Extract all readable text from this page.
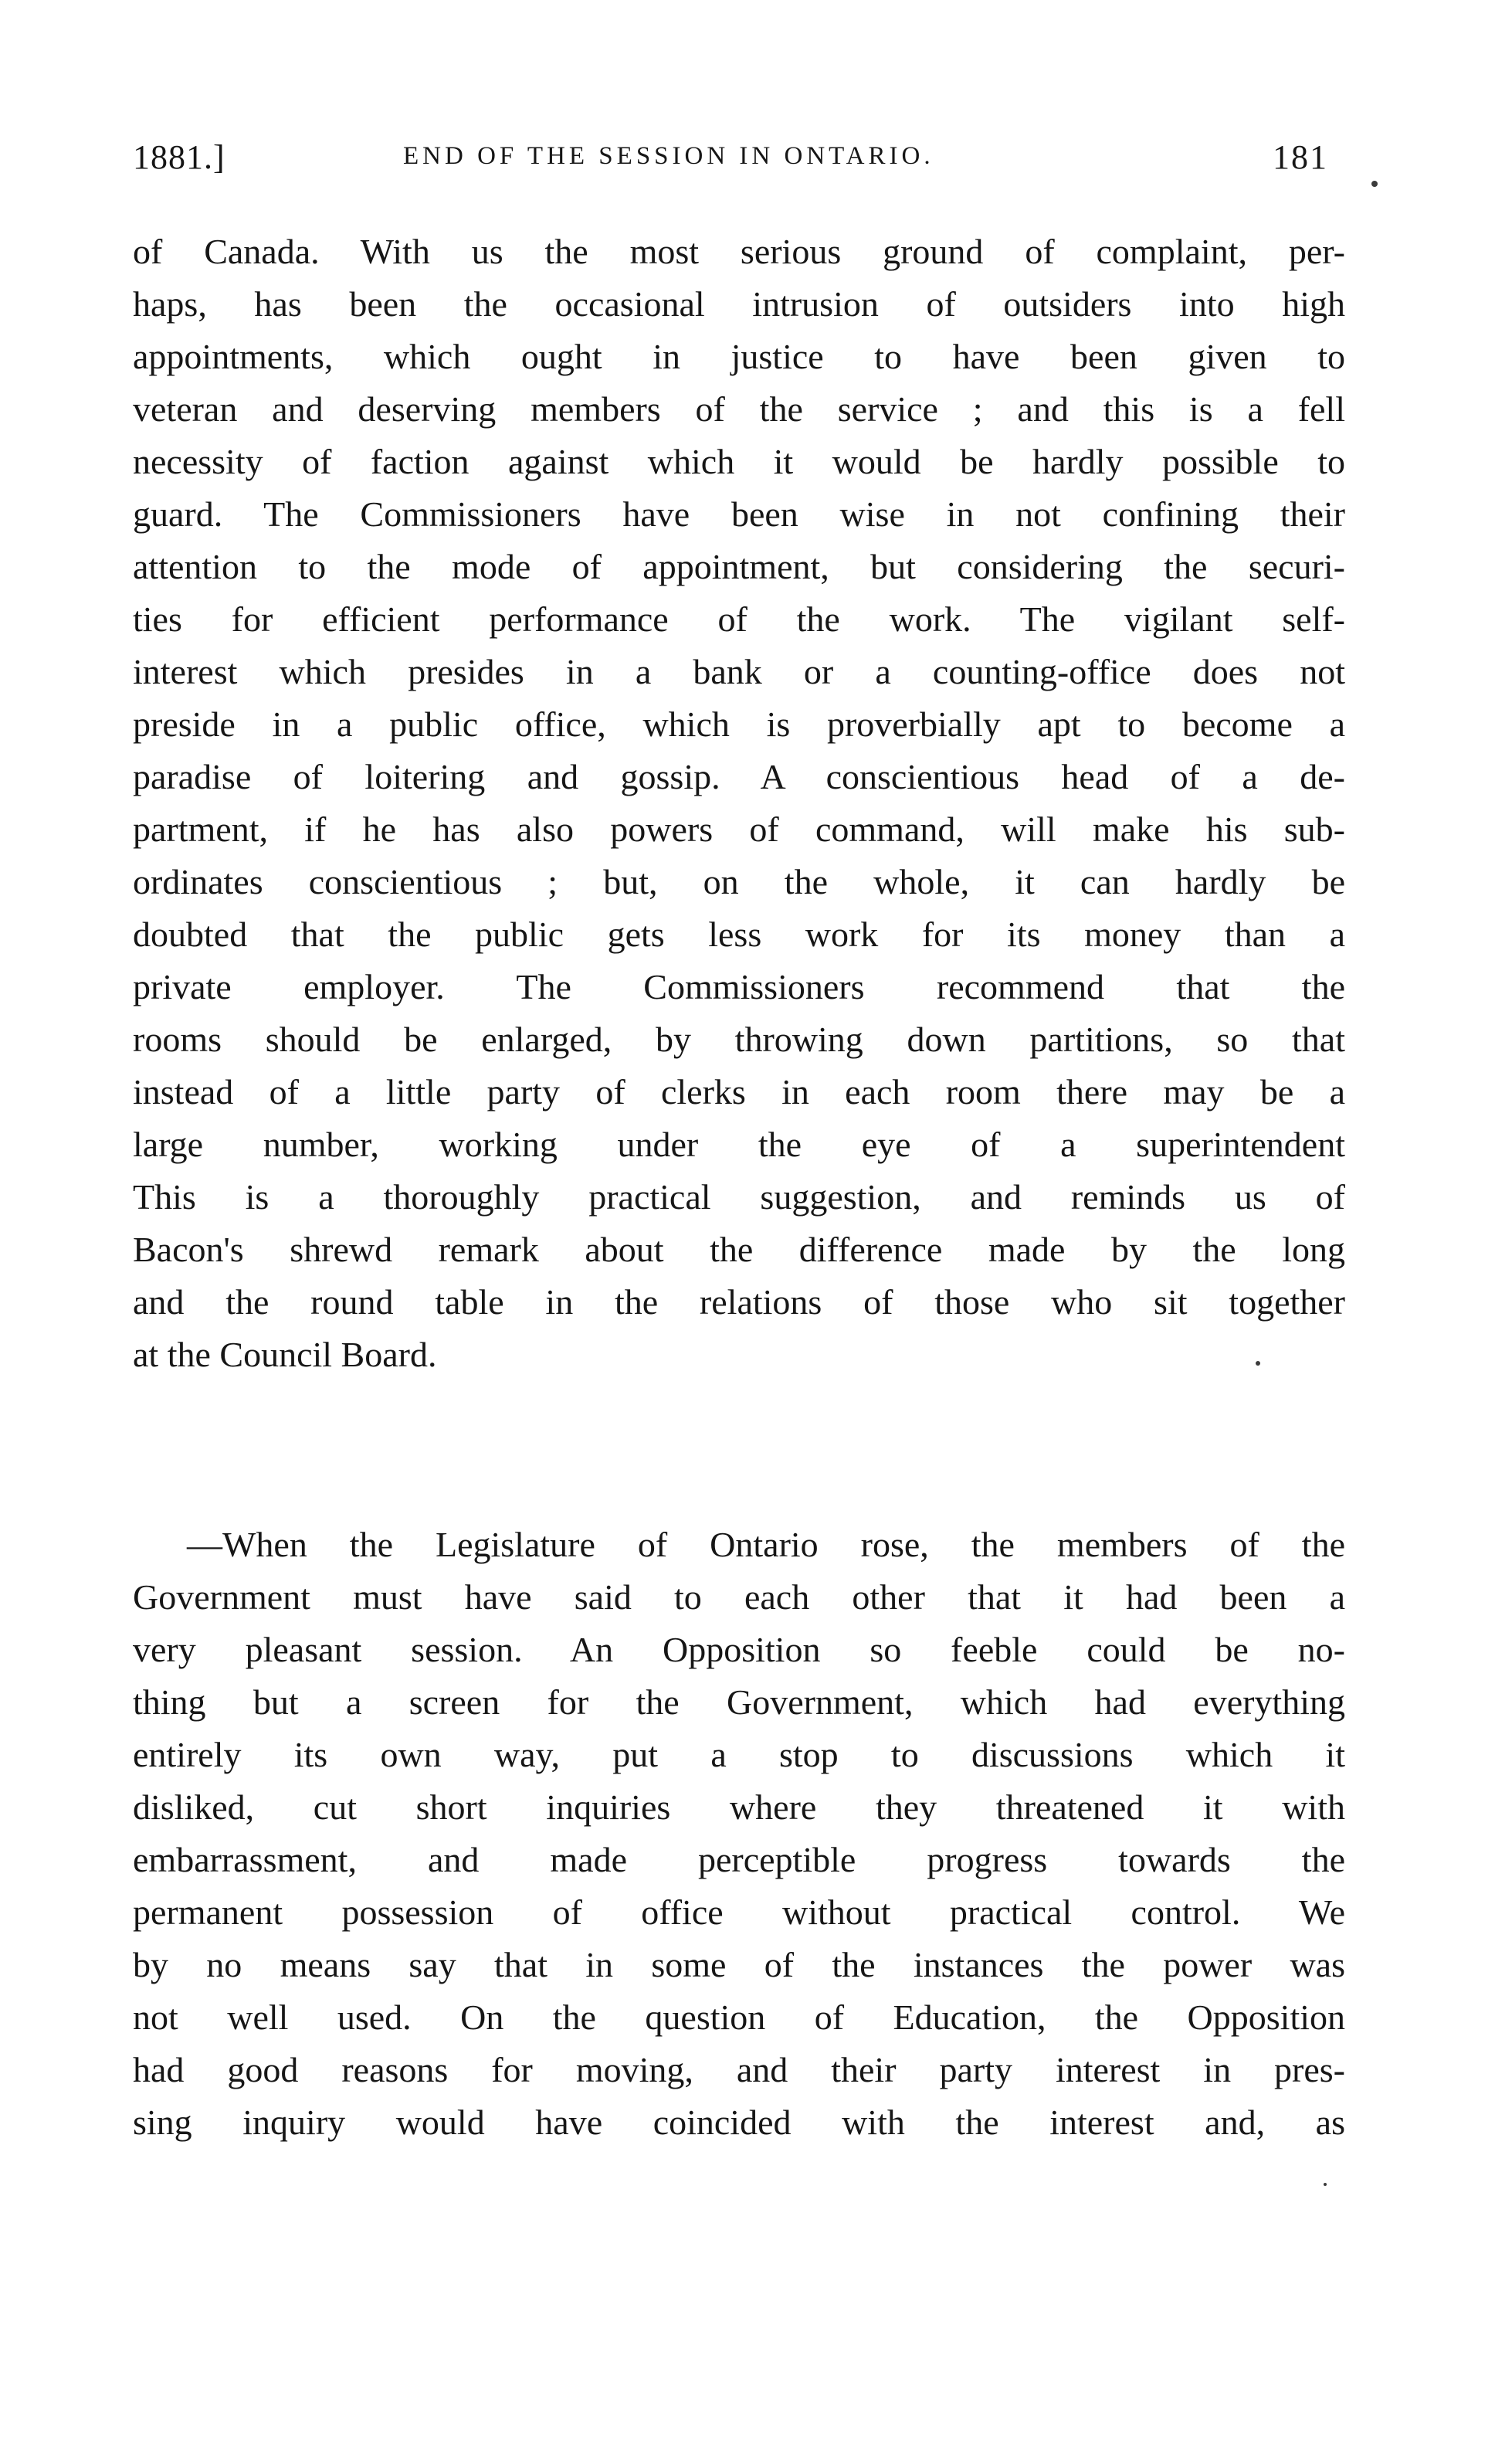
1881.]	END OF THE SESSION IN ONTARIO.	181
of Canada. With us the most serious ground of complaint, per-
haps, has been the occasional intrusion of outsiders into high
appointments, which ought in justice to have been given to
veteran and deserving members of the service ; and this is a fell
necessity of faction against which it would be hardly possible to
guard. The Commissioners have been wise in not confining their
attention to the mode of appointment, but considering the securi-
ties for efficient performance of the work. The vigilant self-
interest which presides in a bank or a counting-office does not
preside in a public office, which is proverbially apt to become a
paradise of loitering and gossip. A conscientious head of a de-
partment, if he has also powers of command, will make his sub-
ordinates conscientious ; but, on the whole, it can hardly be
doubted that the public gets less work for its money than a
private employer. The Commissioners recommend that the
rooms should be enlarged, by throwing down partitions, so that
instead of a little party of clerks in each room there may be a
large number, working under the eye of a superintendent
This is a thoroughly practical suggestion, and reminds us of
Bacon's shrewd remark about the difference made by the long
and the round table in the relations of those who sit together
at the Council Board.
—When the Legislature of Ontario rose, the members of the
Government must have said to each other that it had been a
very pleasant session. An Opposition so feeble could be no-
thing but a screen for the Government, which had everything
entirely its own way, put a stop to discussions which it
disliked, cut short inquiries where they threatened it with
embarrassment, and made perceptible progress towards the
permanent possession of office without practical control. We
by no means say that in some of the instances the power was
not well used. On the question of Education, the Opposition
had good reasons for moving, and their party interest in pres-
sing inquiry would have coincided with the interest and, as
